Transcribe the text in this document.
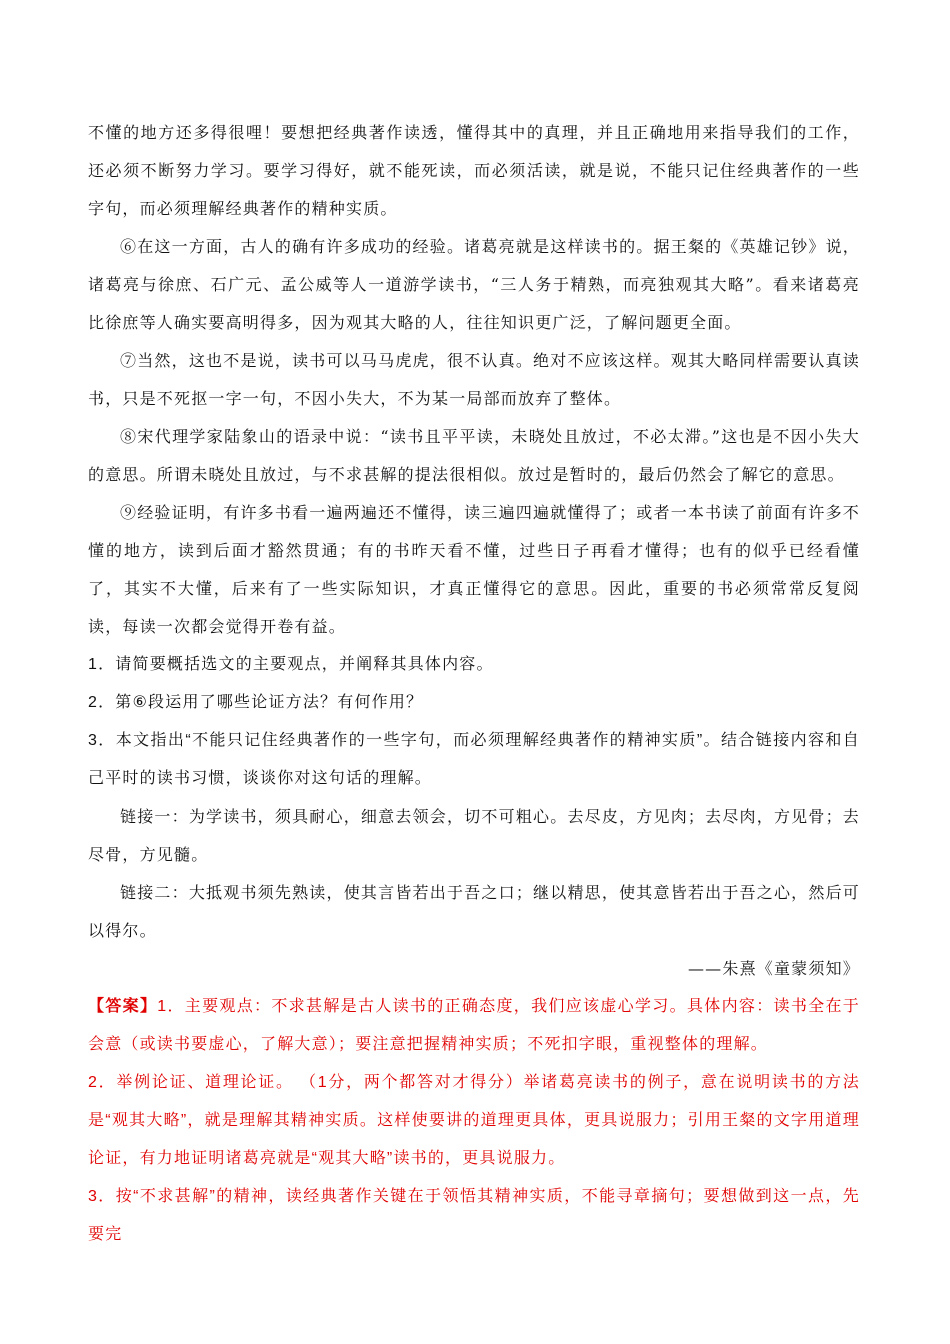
不懂的地方还多得很哩！要想把经典著作读透，懂得其中的真理，并且正确地用来指导我们的工作，还必须不断努力学习。要学习得好，就不能死读，而必须活读，就是说，不能只记住经典著作的一些字句，而必须理解经典著作的精种实质。

⑥在这一方面，古人的确有许多成功的经验。诸葛亮就是这样读书的。据王粲的《英雄记钞》说，诸葛亮与徐庶、石广元、孟公威等人一道游学读书，“三人务于精熟，而亮独观其大略”。看来诸葛亮比徐庶等人确实要高明得多，因为观其大略的人，往往知识更广泛，了解问题更全面。

⑦当然，这也不是说，读书可以马马虎虎，很不认真。绝对不应该这样。观其大略同样需要认真读书，只是不死抠一字一句，不因小失大，不为某一局部而放弃了整体。

⑧宋代理学家陆象山的语录中说：“读书且平平读，未晓处且放过，不必太滞。”这也是不因小失大的意思。所谓未晓处且放过，与不求甚解的提法很相似。放过是暂时的，最后仍然会了解它的意思。

⑨经验证明，有许多书看一遍两遍还不懂得，读三遍四遍就懂得了；或者一本书读了前面有许多不懂的地方，读到后面才豁然贯通；有的书昨天看不懂，过些日子再看才懂得；也有的似乎已经看懂了，其实不大懂，后来有了一些实际知识，才真正懂得它的意思。因此，重要的书必须常常反复阅读，每读一次都会觉得开卷有益。

1．请简要概括选文的主要观点，并阐释其具体内容。

2．第⑥段运用了哪些论证方法？有何作用？

3．本文指出“不能只记住经典著作的一些字句，而必须理解经典著作的精神实质”。结合链接内容和自己平时的读书习惯，谈谈你对这句话的理解。

链接一：为学读书，须具耐心，细意去领会，切不可粗心。去尽皮，方见肉；去尽肉，方见骨；去尽骨，方见髓。

链接二：大抵观书须先熟读，使其言皆若出于吾之口；继以精思，使其意皆若出于吾之心，然后可以得尔。

——朱熹《童蒙须知》

【答案】1．主要观点：不求甚解是古人读书的正确态度，我们应该虚心学习。具体内容：读书全在于会意（或读书要虚心，了解大意）；要注意把握精神实质；不死扣字眼，重视整体的理解。

2．举例论证、道理论证。 （1分，两个都答对才得分）举诸葛亮读书的例子，意在说明读书的方法是“观其大略”，就是理解其精神实质。这样使要讲的道理更具体，更具说服力；引用王粲的文字用道理论证，有力地证明诸葛亮就是“观其大略”读书的，更具说服力。

3．按“不求甚解”的精神，读经典著作关键在于领悟其精神实质，不能寻章摘句；要想做到这一点，先要完
